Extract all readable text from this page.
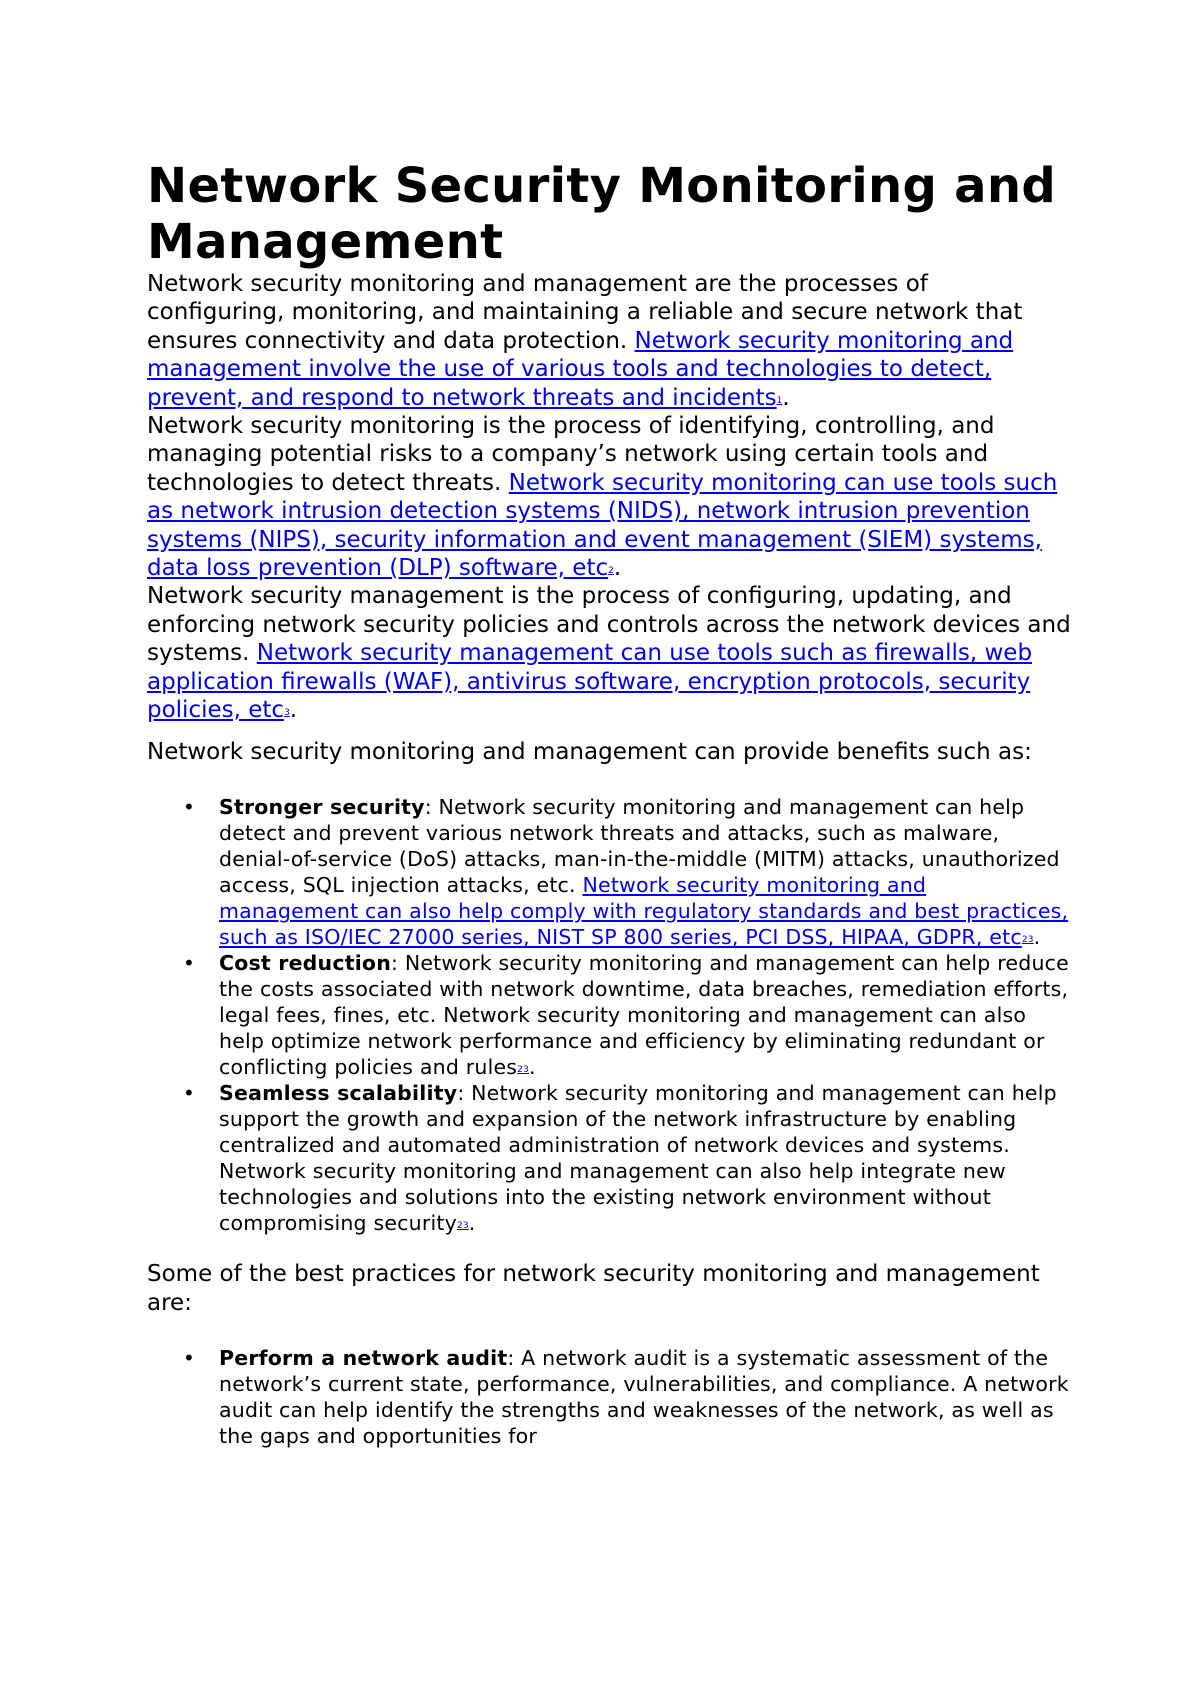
Network Security Monitoring and Management

Network security monitoring and management are the processes of configuring, monitoring, and maintaining a reliable and secure network that ensures connectivity and data protection. Network security monitoring and management involve the use of various tools and technologies to detect, prevent, and respond to network threats and incidents$^1$.

Network security monitoring is the process of identifying, controlling, and managing potential risks to a company’s network using certain tools and technologies to detect threats. Network security monitoring can use tools such as network intrusion detection systems (NIDS), network intrusion prevention systems (NIPS), security information and event management (SIEM) systems, data loss prevention (DLP) software, etc$^2$.

Network security management is the process of configuring, updating, and enforcing network security policies and controls across the network devices and systems. Network security management can use tools such as firewalls, web application firewalls (WAF), antivirus software, encryption protocols, security policies, etc$^3$.

Network security monitoring and management can provide benefits such as:

• Stronger security: Network security monitoring and management can help detect and prevent various network threats and attacks, such as malware, denial-of-service (DoS) attacks, man-in-the-middle (MITM) attacks, unauthorized access, SQL injection attacks, etc. Network security monitoring and management can also help comply with regulatory standards and best practices, such as ISO/IEC 27000 series, NIST SP 800 series, PCI DSS, HIPAA, GDPR, etc$^{23}$.
• Cost reduction: Network security monitoring and management can help reduce the costs associated with network downtime, data breaches, remediation efforts, legal fees, fines, etc. Network security monitoring and management can also help optimize network performance and efficiency by eliminating redundant or conflicting policies and rules$^{23}$.
• Seamless scalability: Network security monitoring and management can help support the growth and expansion of the network infrastructure by enabling centralized and automated administration of network devices and systems. Network security monitoring and management can also help integrate new technologies and solutions into the existing network environment without compromising security$^{23}$.

Some of the best practices for network security monitoring and management are:

• Perform a network audit: A network audit is a systematic assessment of the network’s current state, performance, vulnerabilities, and compliance. A network audit can help identify the strengths and weaknesses of the network, as well as the gaps and opportunities for
